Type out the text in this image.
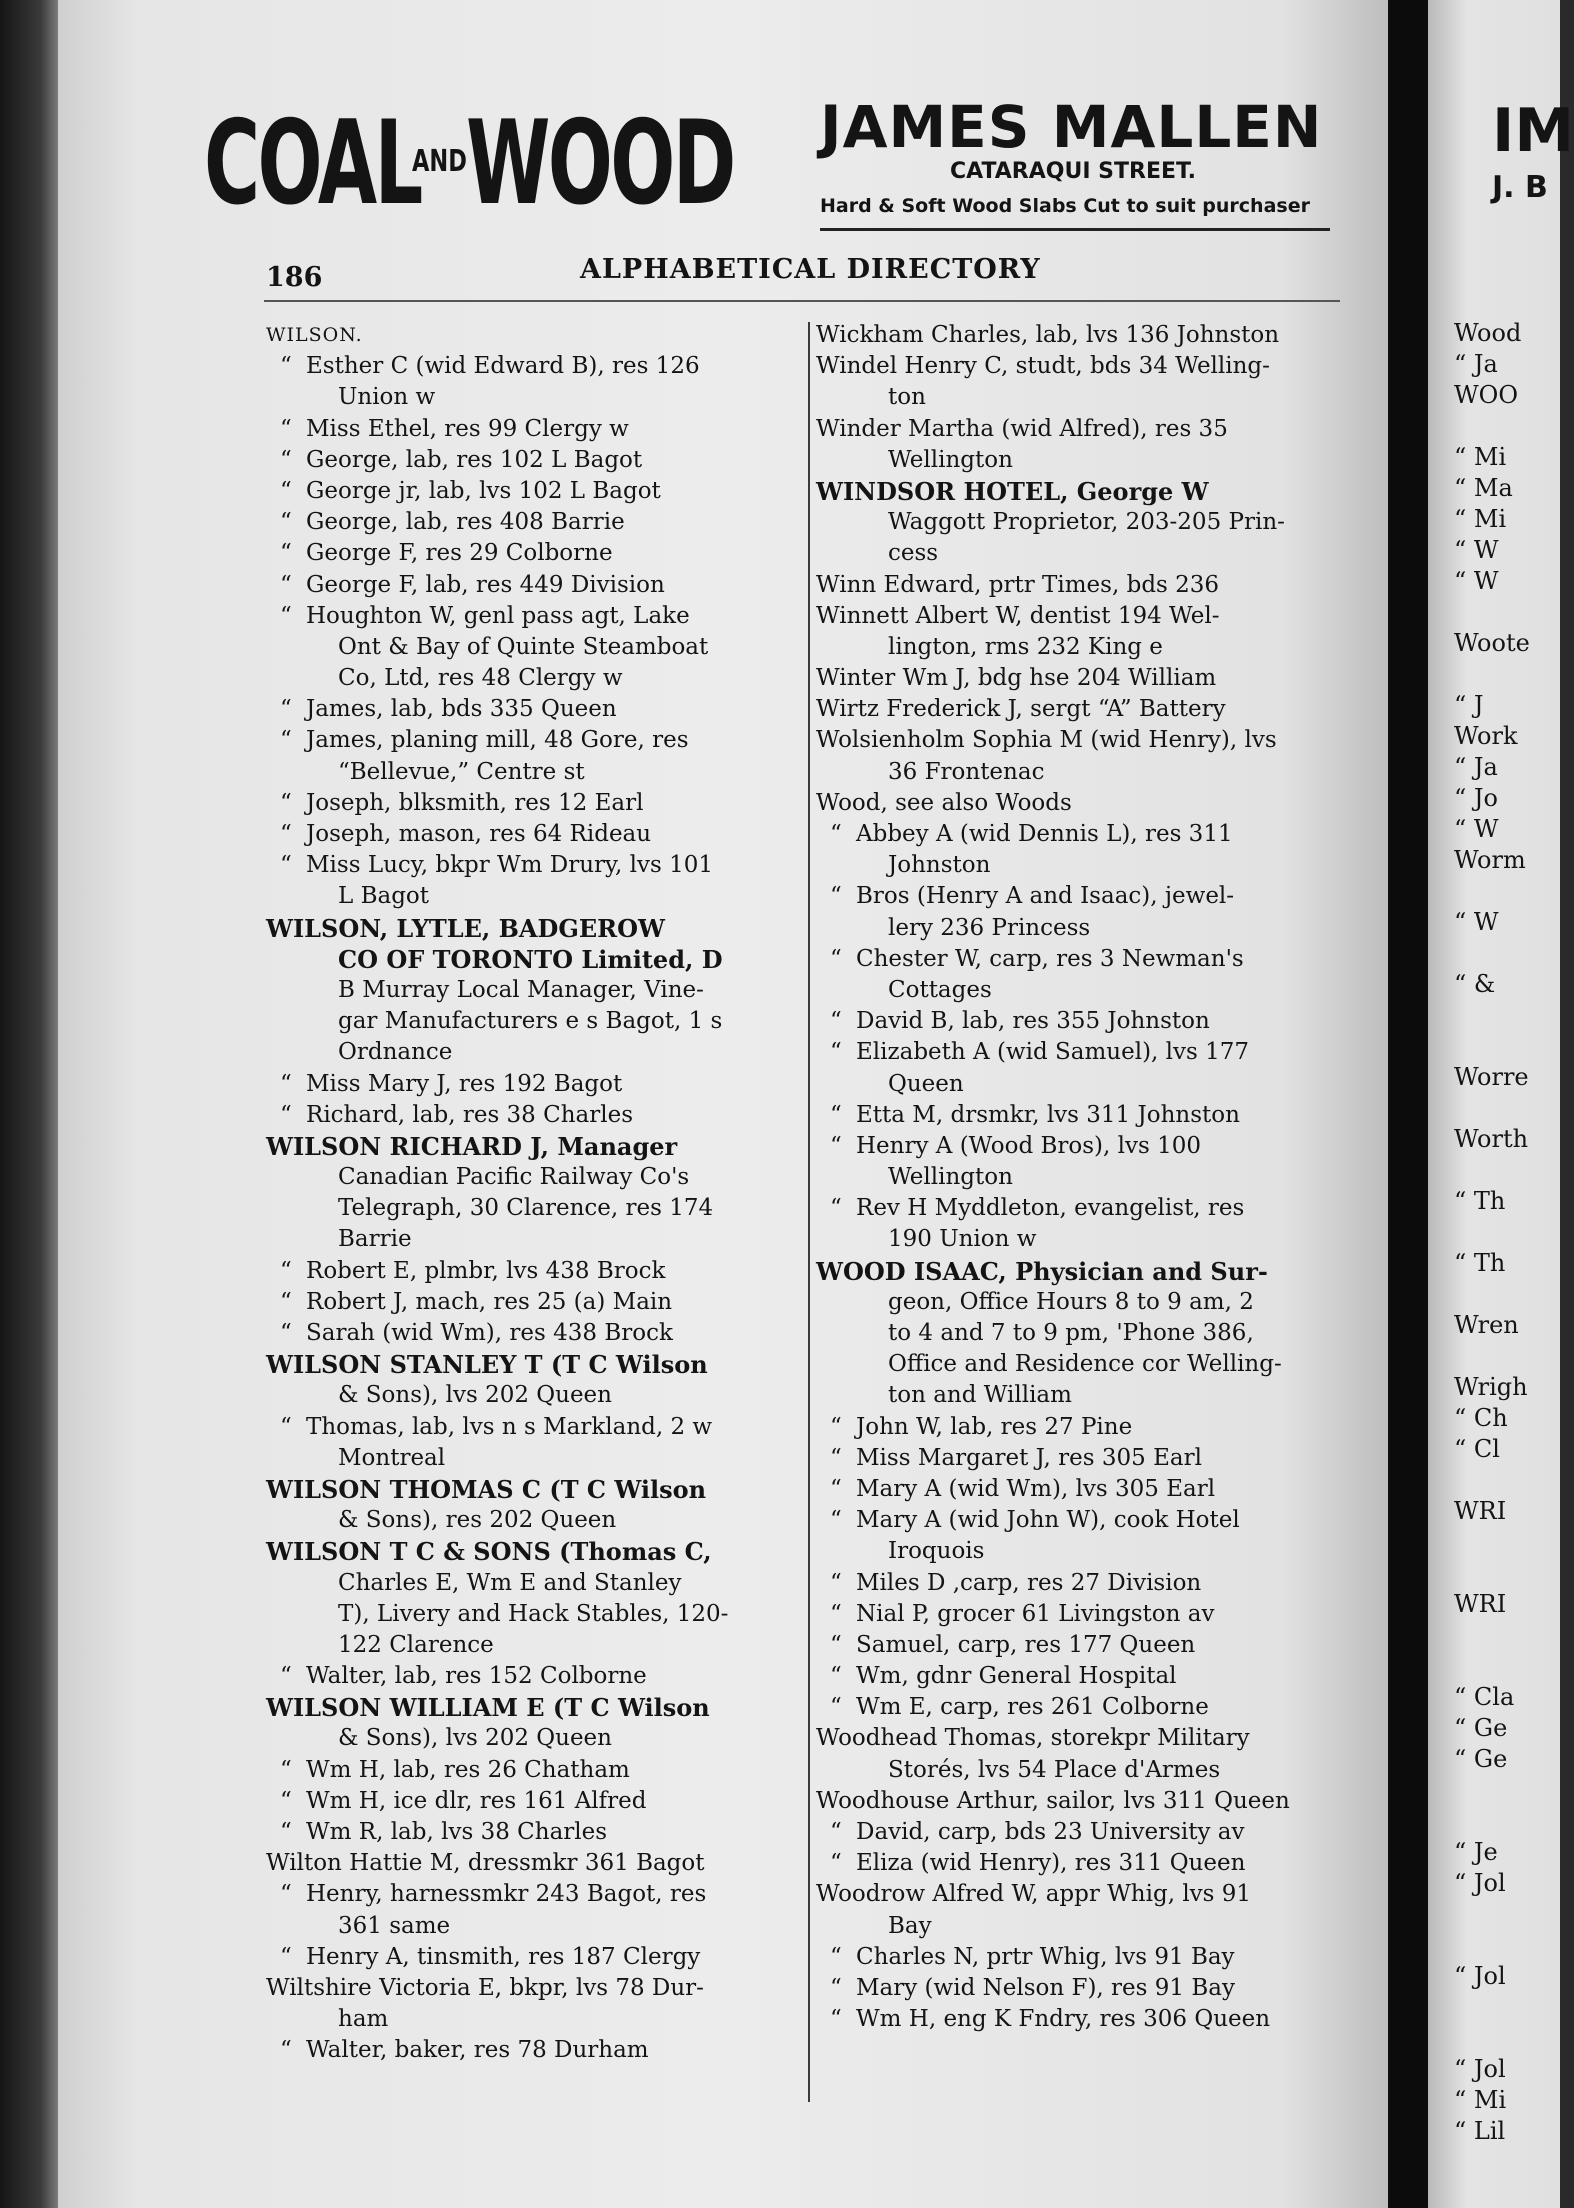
COAL
AND WOOD JAMES MALLEN
CATARAQUI STREET.
Hard & Soft Wood Slabs Cut to suit purchaser
186	ALPHABETICAL DIRECTORY
WILSON.
“ Esther C (wid Edward B), res 126
Union w
“ Miss Ethel, res 99 Clergy w
“ George, lab, res 102 L Bagot
“ George jr, lab, lvs 102 L Bagot
“ George, lab, res 408 Barrie
“ George F, res 29 Colborne
“ George F, lab, res 449 Division
“ Houghton W, genl pass agt, Lake
Ont & Bay of Quinte Steamboat
Co, Ltd, res 48 Clergy w
“ James, lab, bds 335 Queen
“ James, planing mill, 48 Gore, res
“Bellevue,” Centre st
“ Joseph, blksmith, res 12 Earl
“ Joseph, mason, res 64 Rideau
“ Miss Lucy, bkpr Wm Drury, lvs 101
L Bagot
WILSON, LYTLE, BADGEROW
CO OF TORONTO Limited, D
B Murray Local Manager, Vine-
gar Manufacturers e s Bagot, 1 s
Ordnance
“ Miss Mary J, res 192 Bagot
“ Richard, lab, res 38 Charles
WILSON RICHARD J, Manager
Canadian Pacific Railway Co's
Telegraph, 30 Clarence, res 174
Barrie
“ Robert E, plmbr, lvs 438 Brock
“ Robert J, mach, res 25 (a) Main
“ Sarah (wid Wm), res 438 Brock
WILSON STANLEY T (T C Wilson
& Sons), lvs 202 Queen
“ Thomas, lab, lvs n s Markland, 2 w
Montreal
WILSON THOMAS C (T C Wilson
& Sons), res 202 Queen
WILSON T C & SONS (Thomas C,
Charles E, Wm E and Stanley
T), Livery and Hack Stables, 120-
122 Clarence
“ Walter, lab, res 152 Colborne
WILSON WILLIAM E (T C Wilson
& Sons), lvs 202 Queen
“ Wm H, lab, res 26 Chatham
“ Wm H, ice dlr, res 161 Alfred
“ Wm R, lab, lvs 38 Charles
Wilton Hattie M, dressmkr 361 Bagot
“ Henry, harnessmkr 243 Bagot, res
361 same
“ Henry A, tinsmith, res 187 Clergy
Wiltshire Victoria E, bkpr, lvs 78 Dur-
ham
“ Walter, baker, res 78 Durham
Wickham Charles, lab, lvs 136 Johnston
Windel Henry C, studt, bds 34 Welling-
ton
Winder Martha (wid Alfred), res 35
Wellington
WINDSOR HOTEL, George W
Waggott Proprietor, 203-205 Prin-
cess
Winn Edward, prtr Times, bds 236
Winnett Albert W, dentist 194 Wel-
lington, rms 232 King e
Winter Wm J, bdg hse 204 William
Wirtz Frederick J, sergt “A” Battery
Wolsienholm Sophia M (wid Henry), lvs
36 Frontenac
Wood, see also Woods
“ Abbey A (wid Dennis L), res 311
Johnston
“ Bros (Henry A and Isaac), jewel-
lery 236 Princess
“ Chester W, carp, res 3 Newman's
Cottages
“ David B, lab, res 355 Johnston
“ Elizabeth A (wid Samuel), lvs 177
Queen
“ Etta M, drsmkr, lvs 311 Johnston
“ Henry A (Wood Bros), lvs 100
Wellington
“ Rev H Myddleton, evangelist, res
190 Union w
WOOD ISAAC, Physician and Sur-
geon, Office Hours 8 to 9 am, 2
to 4 and 7 to 9 pm, 'Phone 386,
Office and Residence cor Welling-
ton and William
“ John W, lab, res 27 Pine
“ Miss Margaret J, res 305 Earl
“ Mary A (wid Wm), lvs 305 Earl
“ Mary A (wid John W), cook Hotel
Iroquois
“ Miles D ,carp, res 27 Division
“ Nial P, grocer 61 Livingston av
“ Samuel, carp, res 177 Queen
“ Wm, gdnr General Hospital
“ Wm E, carp, res 261 Colborne
Woodhead Thomas, storekpr Military
Storés, lvs 54 Place d'Armes
Woodhouse Arthur, sailor, lvs 311 Queen
“ David, carp, bds 23 University av
“ Eliza (wid Henry), res 311 Queen
Woodrow Alfred W, appr Whig, lvs 91
Bay
“ Charles N, prtr Whig, lvs 91 Bay
“ Mary (wid Nelson F), res 91 Bay
“ Wm H, eng K Fndry, res 306 Queen
IM
J. B
Wood
“ Ja
WOO

“ Mi
“ Ma
“ Mi
“ W
“ W

Woote

“ J
Work
“ Ja
“ Jo
“ W
Worm

“ W

“ &

Worre

Worth

“ Th

“ Th

Wren

Wrigh
“ Ch
“ Cl

WRI

WRI

“ Cla
“ Ge
“ Ge

“ Je
“ Jol

“ Jol

“ Jol
“ Mi
“ Lil
